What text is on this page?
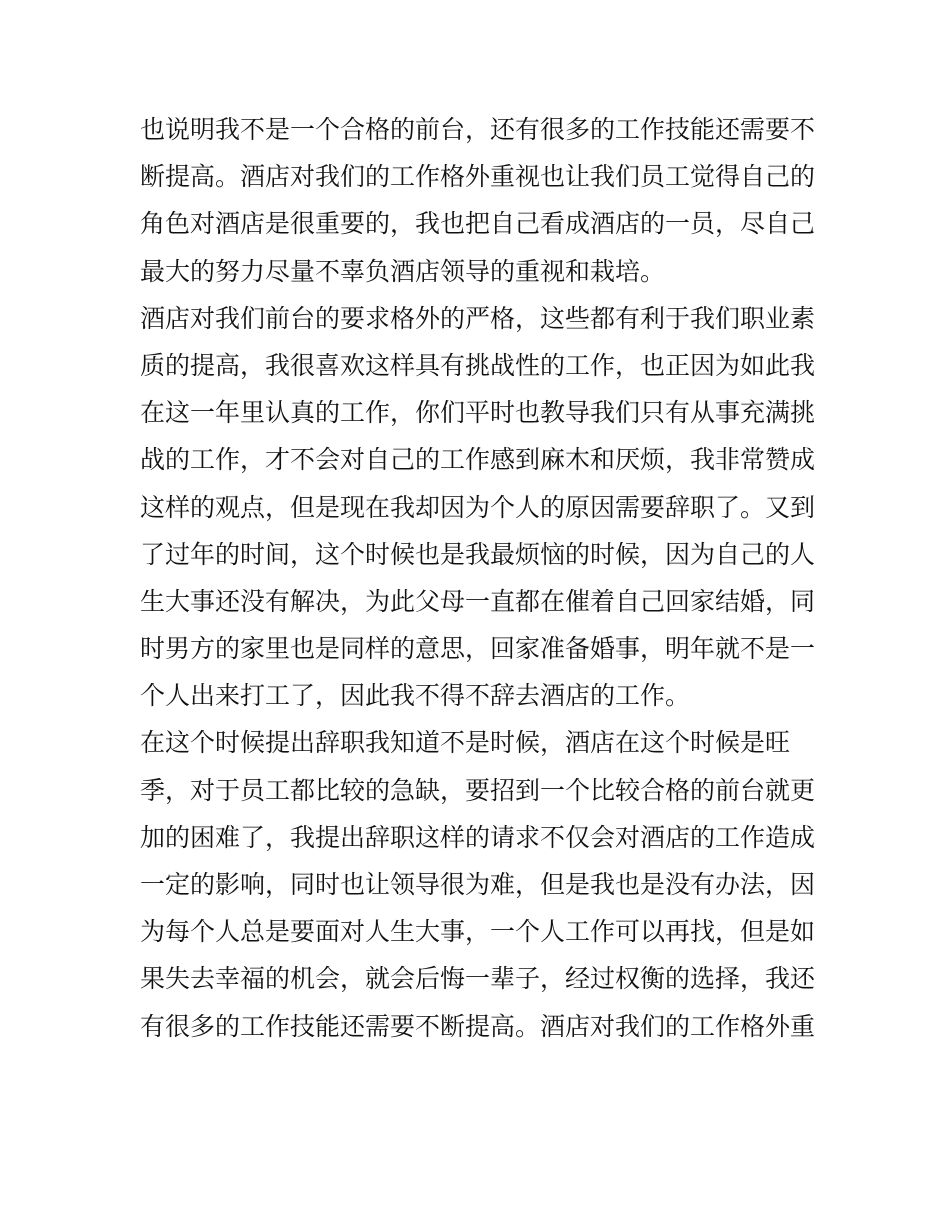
也说明我不是一个合格的前台，还有很多的工作技能还需要不
断提高。酒店对我们的工作格外重视也让我们员工觉得自己的
角色对酒店是很重要的，我也把自己看成酒店的一员，尽自己
最大的努力尽量不辜负酒店领导的重视和栽培。
酒店对我们前台的要求格外的严格，这些都有利于我们职业素
质的提高，我很喜欢这样具有挑战性的工作，也正因为如此我
在这一年里认真的工作，你们平时也教导我们只有从事充满挑
战的工作，才不会对自己的工作感到麻木和厌烦，我非常赞成
这样的观点，但是现在我却因为个人的原因需要辞职了。又到
了过年的时间，这个时候也是我最烦恼的时候，因为自己的人
生大事还没有解决，为此父母一直都在催着自己回家结婚，同
时男方的家里也是同样的意思，回家准备婚事，明年就不是一
个人出来打工了，因此我不得不辞去酒店的工作。
在这个时候提出辞职我知道不是时候，酒店在这个时候是旺
季，对于员工都比较的急缺，要招到一个比较合格的前台就更
加的困难了，我提出辞职这样的请求不仅会对酒店的工作造成
一定的影响，同时也让领导很为难，但是我也是没有办法，因
为每个人总是要面对人生大事，一个人工作可以再找，但是如
果失去幸福的机会，就会后悔一辈子，经过权衡的选择，我还
有很多的工作技能还需要不断提高。酒店对我们的工作格外重
